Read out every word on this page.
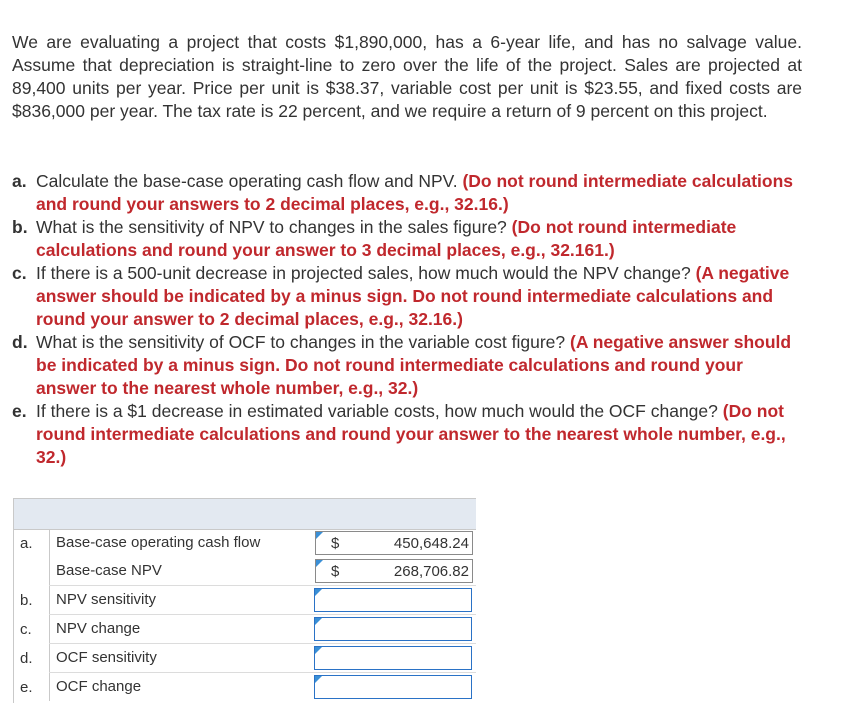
We are evaluating a project that costs $1,890,000, has a 6-year life, and has no salvage value. Assume that depreciation is straight-line to zero over the life of the project. Sales are projected at 89,400 units per year. Price per unit is $38.37, variable cost per unit is $23.55, and fixed costs are $836,000 per year. The tax rate is 22 percent, and we require a return of 9 percent on this project.

a. Calculate the base-case operating cash flow and NPV. (Do not round intermediate calculations and round your answers to 2 decimal places, e.g., 32.16.)
b. What is the sensitivity of NPV to changes in the sales figure? (Do not round intermediate calculations and round your answer to 3 decimal places, e.g., 32.161.)
c. If there is a 500-unit decrease in projected sales, how much would the NPV change? (A negative answer should be indicated by a minus sign. Do not round intermediate calculations and round your answer to 2 decimal places, e.g., 32.16.)
d. What is the sensitivity of OCF to changes in the variable cost figure? (A negative answer should be indicated by a minus sign. Do not round intermediate calculations and round your answer to the nearest whole number, e.g., 32.)
e. If there is a $1 decrease in estimated variable costs, how much would the OCF change? (Do not round intermediate calculations and round your answer to the nearest whole number, e.g., 32.)
a.	Base-case operating cash flow	$	450,648.24
Base-case NPV	$	268,706.82
b.	NPV sensitivity
c.	NPV change
d.	OCF sensitivity
e.	OCF change
